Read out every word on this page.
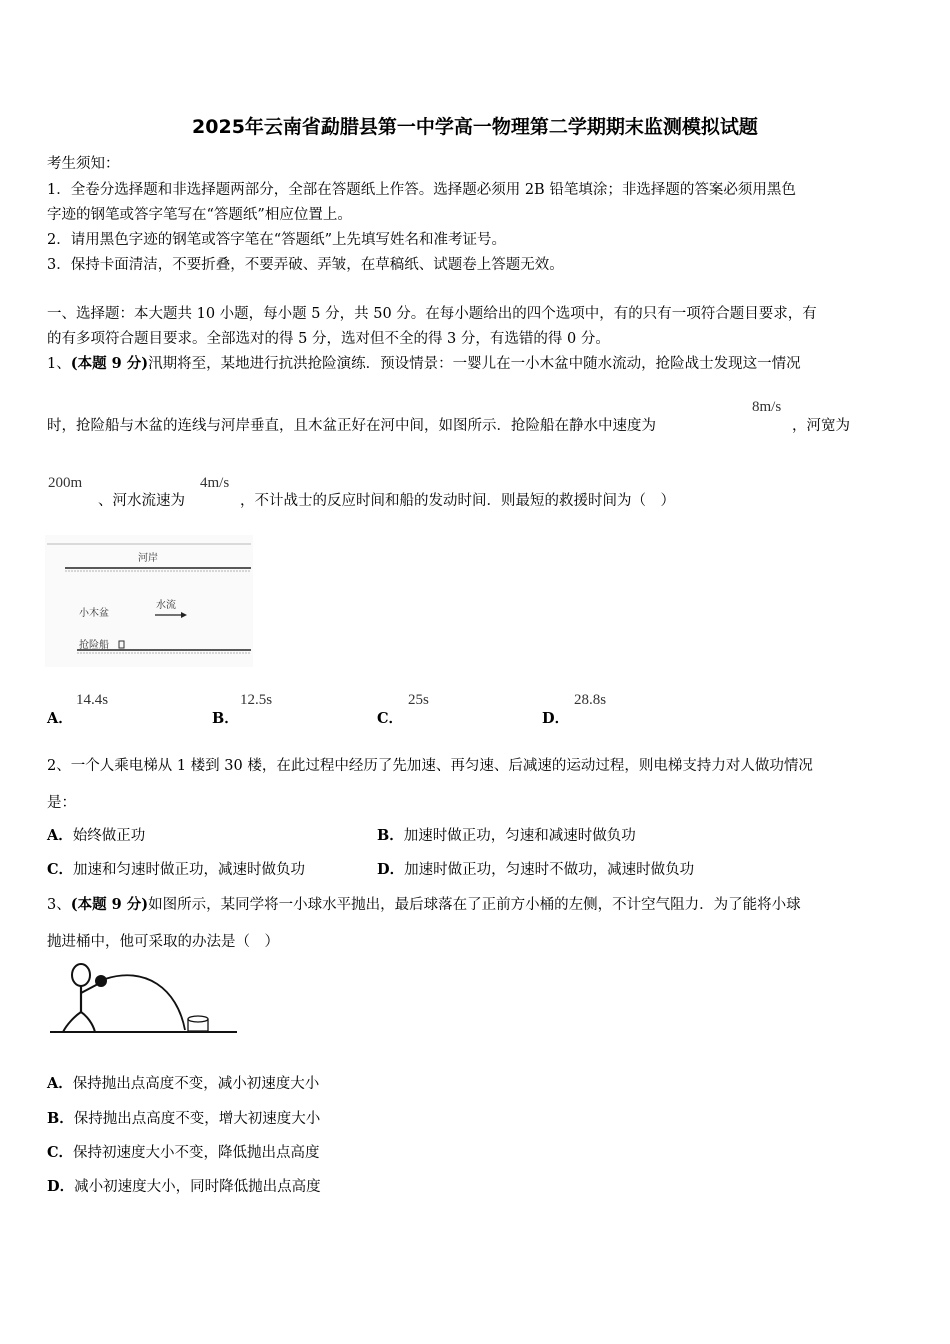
2025年云南省勐腊县第一中学高一物理第二学期期末监测模拟试题
考生须知：
1．全卷分选择题和非选择题两部分，全部在答题纸上作答。选择题必须用 2B 铅笔填涂；非选择题的答案必须用黑色
字迹的钢笔或答字笔写在“答题纸”相应位置上。
2．请用黑色字迹的钢笔或答字笔在“答题纸”上先填写姓名和准考证号。
3．保持卡面清洁，不要折叠，不要弄破、弄皱，在草稿纸、试题卷上答题无效。
一、选择题：本大题共 10 小题，每小题 5 分，共 50 分。在每小题给出的四个选项中，有的只有一项符合题目要求，有
的有多项符合题目要求。全部选对的得 5 分，选对但不全的得 3 分，有选错的得 0 分。
1、(本题 9 分)汛期将至，某地进行抗洪抢险演练．预设情景：一婴儿在一小木盆中随水流动，抢险战士发现这一情况
时，抢险船与木盆的连线与河岸垂直，且木盆正好在河中间，如图所示．抢险船在静水中速度为
8m/s
，河宽为
200m
、河水流速为
4m/s
，不计战士的反应时间和船的发动时间．则最短的救援时间为（　）
河岸
小木盆
水流
抢险船
A．
14.4s
B．
12.5s
C．
25s
D．
28.8s
2、一个人乘电梯从 1 楼到 30 楼，在此过程中经历了先加速、再匀速、后减速的运动过程，则电梯支持力对人做功情况
是：
A．始终做正功	B．加速时做正功，匀速和减速时做负功
C．加速和匀速时做正功，减速时做负功	D．加速时做正功，匀速时不做功，减速时做负功
3、(本题 9 分)如图所示，某同学将一小球水平抛出，最后球落在了正前方小桶的左侧，不计空气阻力．为了能将小球
抛进桶中，他可采取的办法是（　）
A．保持抛出点高度不变，减小初速度大小
B．保持抛出点高度不变，增大初速度大小
C．保持初速度大小不变，降低抛出点高度
D．减小初速度大小，同时降低抛出点高度
